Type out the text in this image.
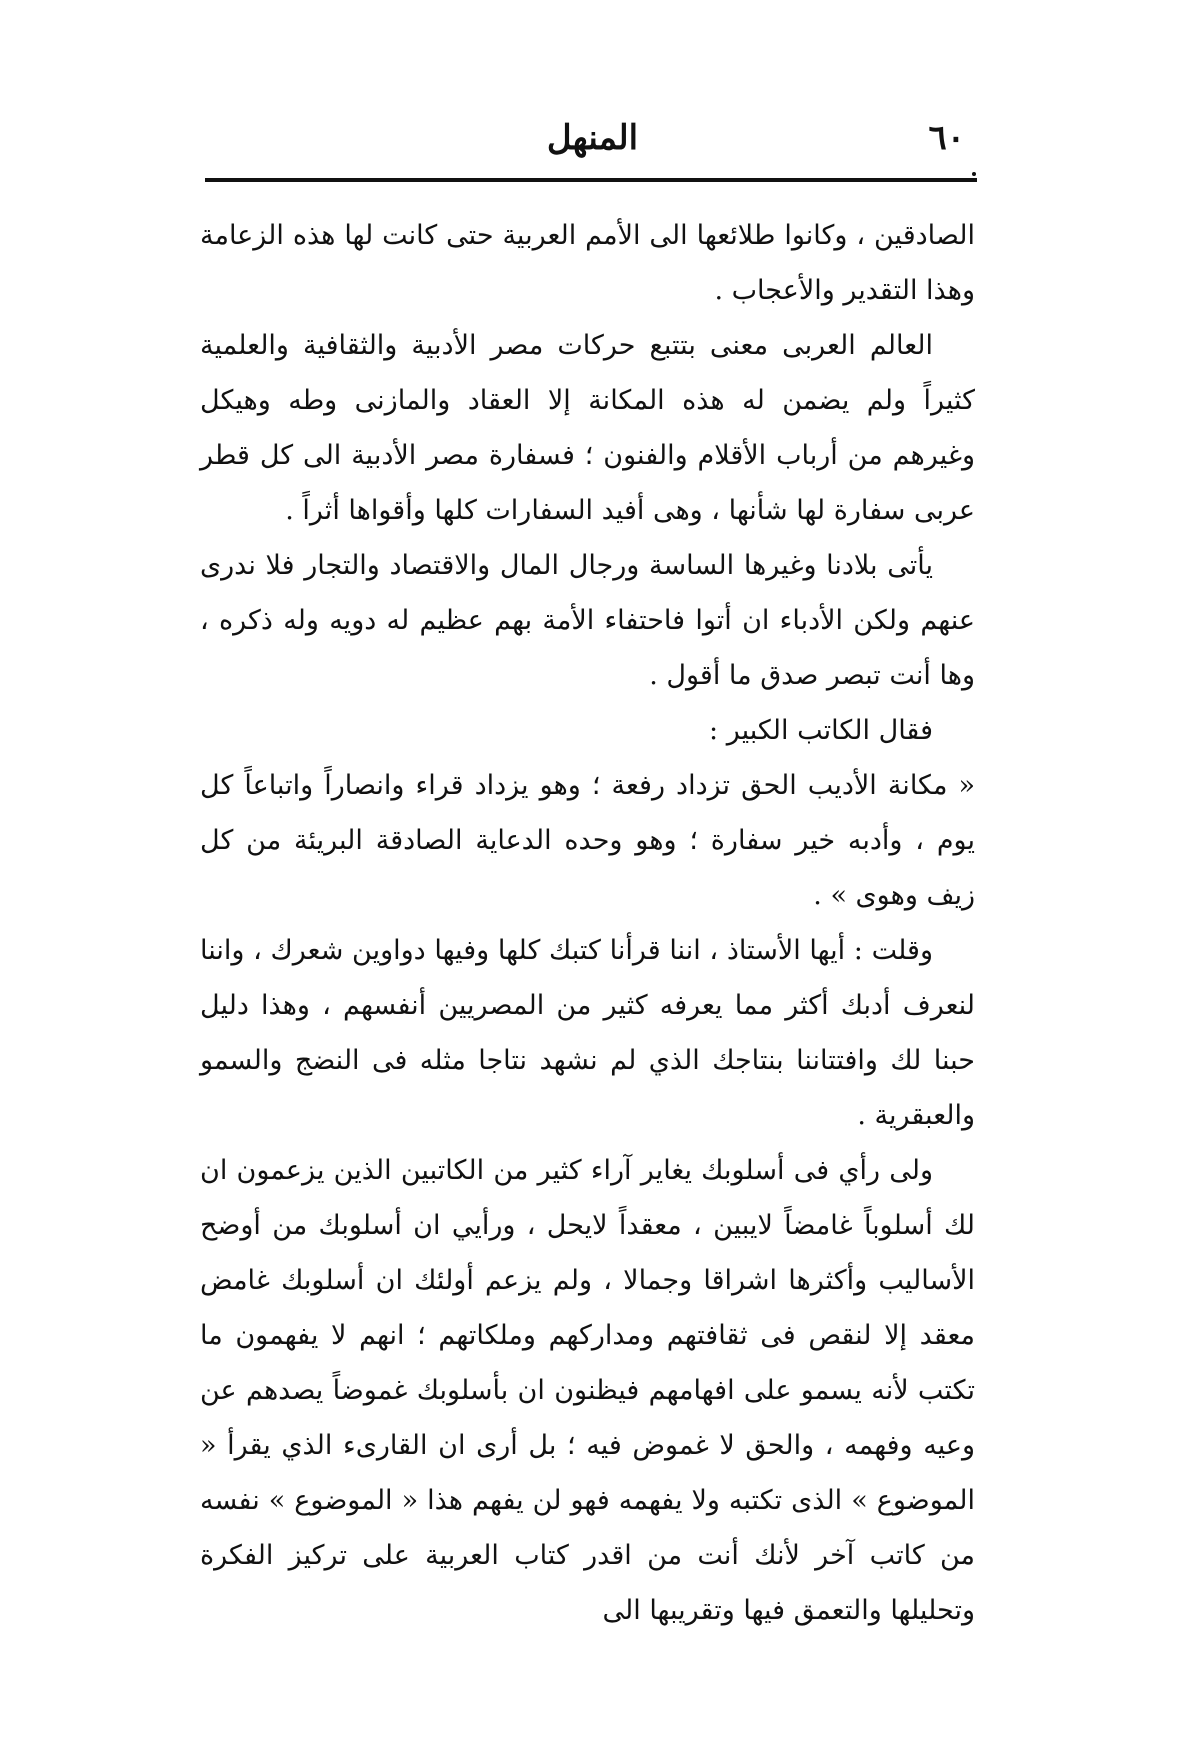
٦٠
المنهل

الصادقين ، وكانوا طلائعها الى الأمم العربية حتى كانت لها هذه الزعامة وهذا التقدير والأعجاب .

العالم العربى معنى بتتبع حركات مصر الأدبية والثقافية والعلمية كثيراً ولم يضمن له هذه المكانة إلا العقاد والمازنى وطه وهيكل وغيرهم من أرباب الأقلام والفنون ؛ فسفارة مصر الأدبية الى كل قطر عربى سفارة لها شأنها ، وهى أفيد السفارات كلها وأقواها أثراً .

يأتى بلادنا وغيرها الساسة ورجال المال والاقتصاد والتجار فلا ندرى عنهم ولكن الأدباء ان أتوا فاحتفاء الأمة بهم عظيم له دويه وله ذكره ، وها أنت تبصر صدق ما أقول .

فقال الكاتب الكبير :

« مكانة الأديب الحق تزداد رفعة ؛ وهو يزداد قراء وانصاراً واتباعاً كل يوم ، وأدبه خير سفارة ؛ وهو وحده الدعاية الصادقة البريئة من كل زيف وهوى » .

وقلت : أيها الأستاذ ، اننا قرأنا كتبك كلها وفيها دواوين شعرك ، واننا لنعرف أدبك أكثر مما يعرفه كثير من المصريين أنفسهم ، وهذا دليل حبنا لك وافتتاننا بنتاجك الذي لم نشهد نتاجا مثله فى النضج والسمو والعبقرية .

ولى رأي فى أسلوبك يغاير آراء كثير من الكاتبين الذين يزعمون ان لك أسلوباً غامضاً لايبين ، معقداً لايحل ، ورأيي ان أسلوبك من أوضح الأساليب وأكثرها اشراقا وجمالا ، ولم يزعم أولئك ان أسلوبك غامض معقد إلا لنقص فى ثقافتهم ومداركهم وملكاتهم ؛ انهم لا يفهمون ما تكتب لأنه يسمو على افهامهم فيظنون ان بأسلوبك غموضاً يصدهم عن وعيه وفهمه ، والحق لا غموض فيه ؛ بل أرى ان القارىء الذي يقرأ « الموضوع » الذى تكتبه ولا يفهمه فهو لن يفهم هذا « الموضوع » نفسه من كاتب آخر لأنك أنت من اقدر كتاب العربية على تركيز الفكرة وتحليلها والتعمق فيها وتقريبها الى
